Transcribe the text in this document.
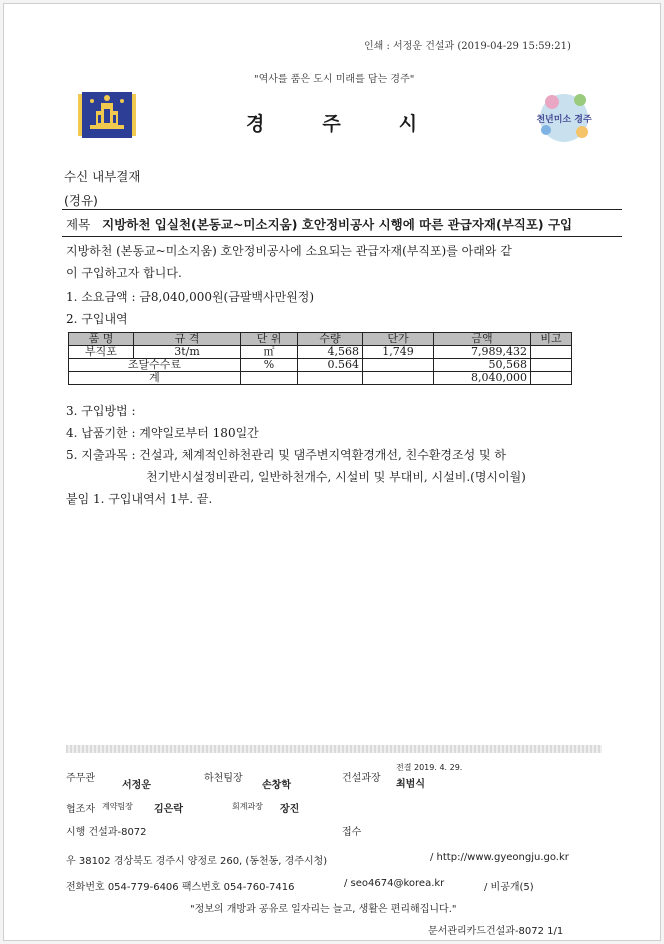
인쇄 : 서정운 건설과 (2019-04-29 15:59:21)
"역사를 품은 도시 미래를 담는 경주"
경주시	천년미소 경주
수신 내부결재
(경유)
제목 지방하천 입실천(본동교~미소지움) 호안정비공사 시행에 따른 관급자재(부직포) 구입
지방하천 (본동교~미소지움) 호안정비공사에 소요되는 관급자재(부직포)를 아래와 같
이 구입하고자 합니다.
1. 소요금액 : 금8,040,000원(금팔백사만원정)
2. 구입내역
품 명	규 격	단 위	수량	단가	금액	비고
부직포	3t/m	㎡	4,568	1,749	7,989,432	
조달수수료		%	0.564		50,568	
계					8,040,000	
3. 구입방법 :
4. 납품기한 : 계약일로부터 180일간
5. 지출과목 : 건설과, 체계적인하천관리 및 댐주변지역환경개선, 친수환경조성 및 하
천기반시설정비관리, 일반하천개수, 시설비 및 부대비, 시설비.(명시이월)
붙임 1. 구입내역서 1부. 끝.
주무관
서정운
하천팀장
손창학
건설과장
전결 2019. 4. 29.
최범식
협조자 계약팀장 김은락	회계과장 장진
시행 건설과-8072	접수
우 38102 경상북도 경주시 양정로 260, (동천동, 경주시청)	/ http://www.gyeongju.go.kr
전화번호 054-779-6406 팩스번호 054-760-7416	/ seo4674@korea.kr	/ 비공개(5)
"정보의 개방과 공유로 일자리는 늘고, 생활은 편리해집니다."
문서관리카드건설과-8072 1/1
